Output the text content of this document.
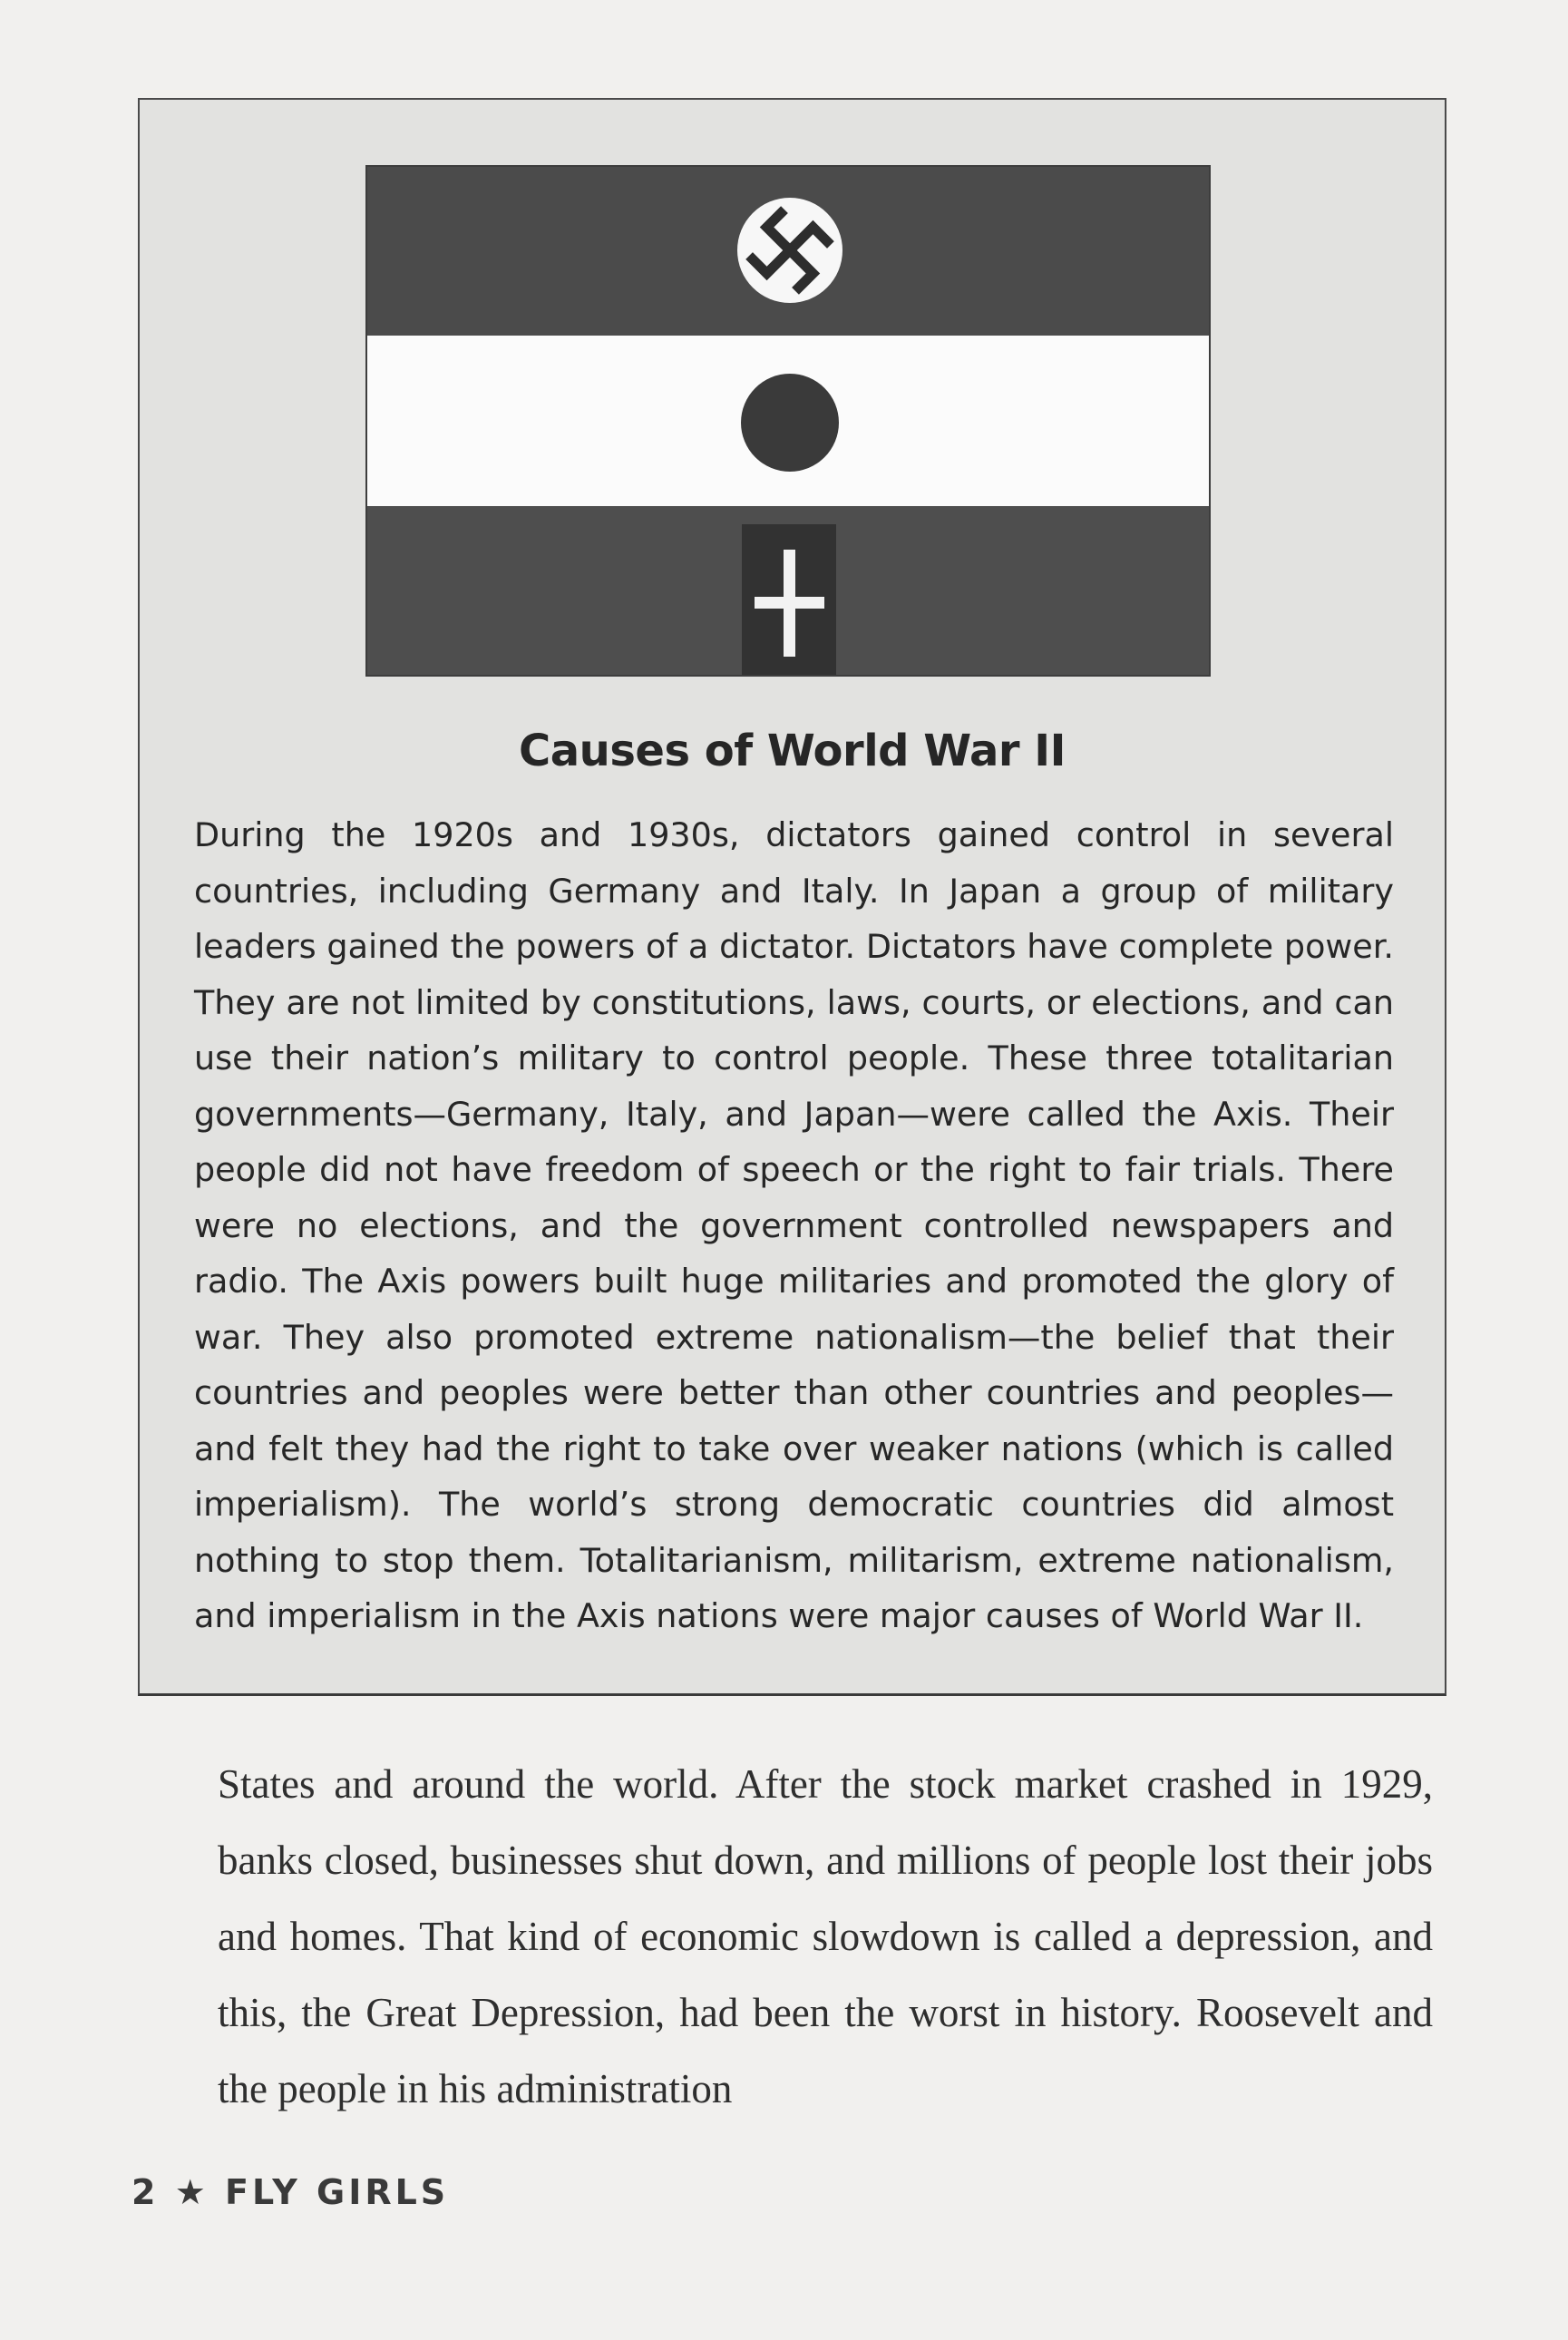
Causes of World War II

During the 1920s and 1930s, dictators gained control in several countries, including Germany and Italy. In Japan a group of military leaders gained the powers of a dictator. Dictators have complete power. They are not limited by constitutions, laws, courts, or elections, and can use their nation’s military to control people. These three totalitarian governments—Germany, Italy, and Japan—were called the Axis. Their people did not have freedom of speech or the right to fair trials. There were no elections, and the government controlled newspapers and radio. The Axis powers built huge militaries and promoted the glory of war. They also promoted extreme nationalism—the belief that their countries and peoples were better than other countries and peoples—and felt they had the right to take over weaker nations (which is called imperialism). The world’s strong democratic countries did almost nothing to stop them. Totalitarianism, militarism, extreme nationalism, and imperialism in the Axis nations were major causes of World War II.

States and around the world. After the stock market crashed in 1929, banks closed, businesses shut down, and millions of people lost their jobs and homes. That kind of economic slowdown is called a depression, and this, the Great Depression, had been the worst in history. Roosevelt and the people in his administration

2 ★ FLY GIRLS
